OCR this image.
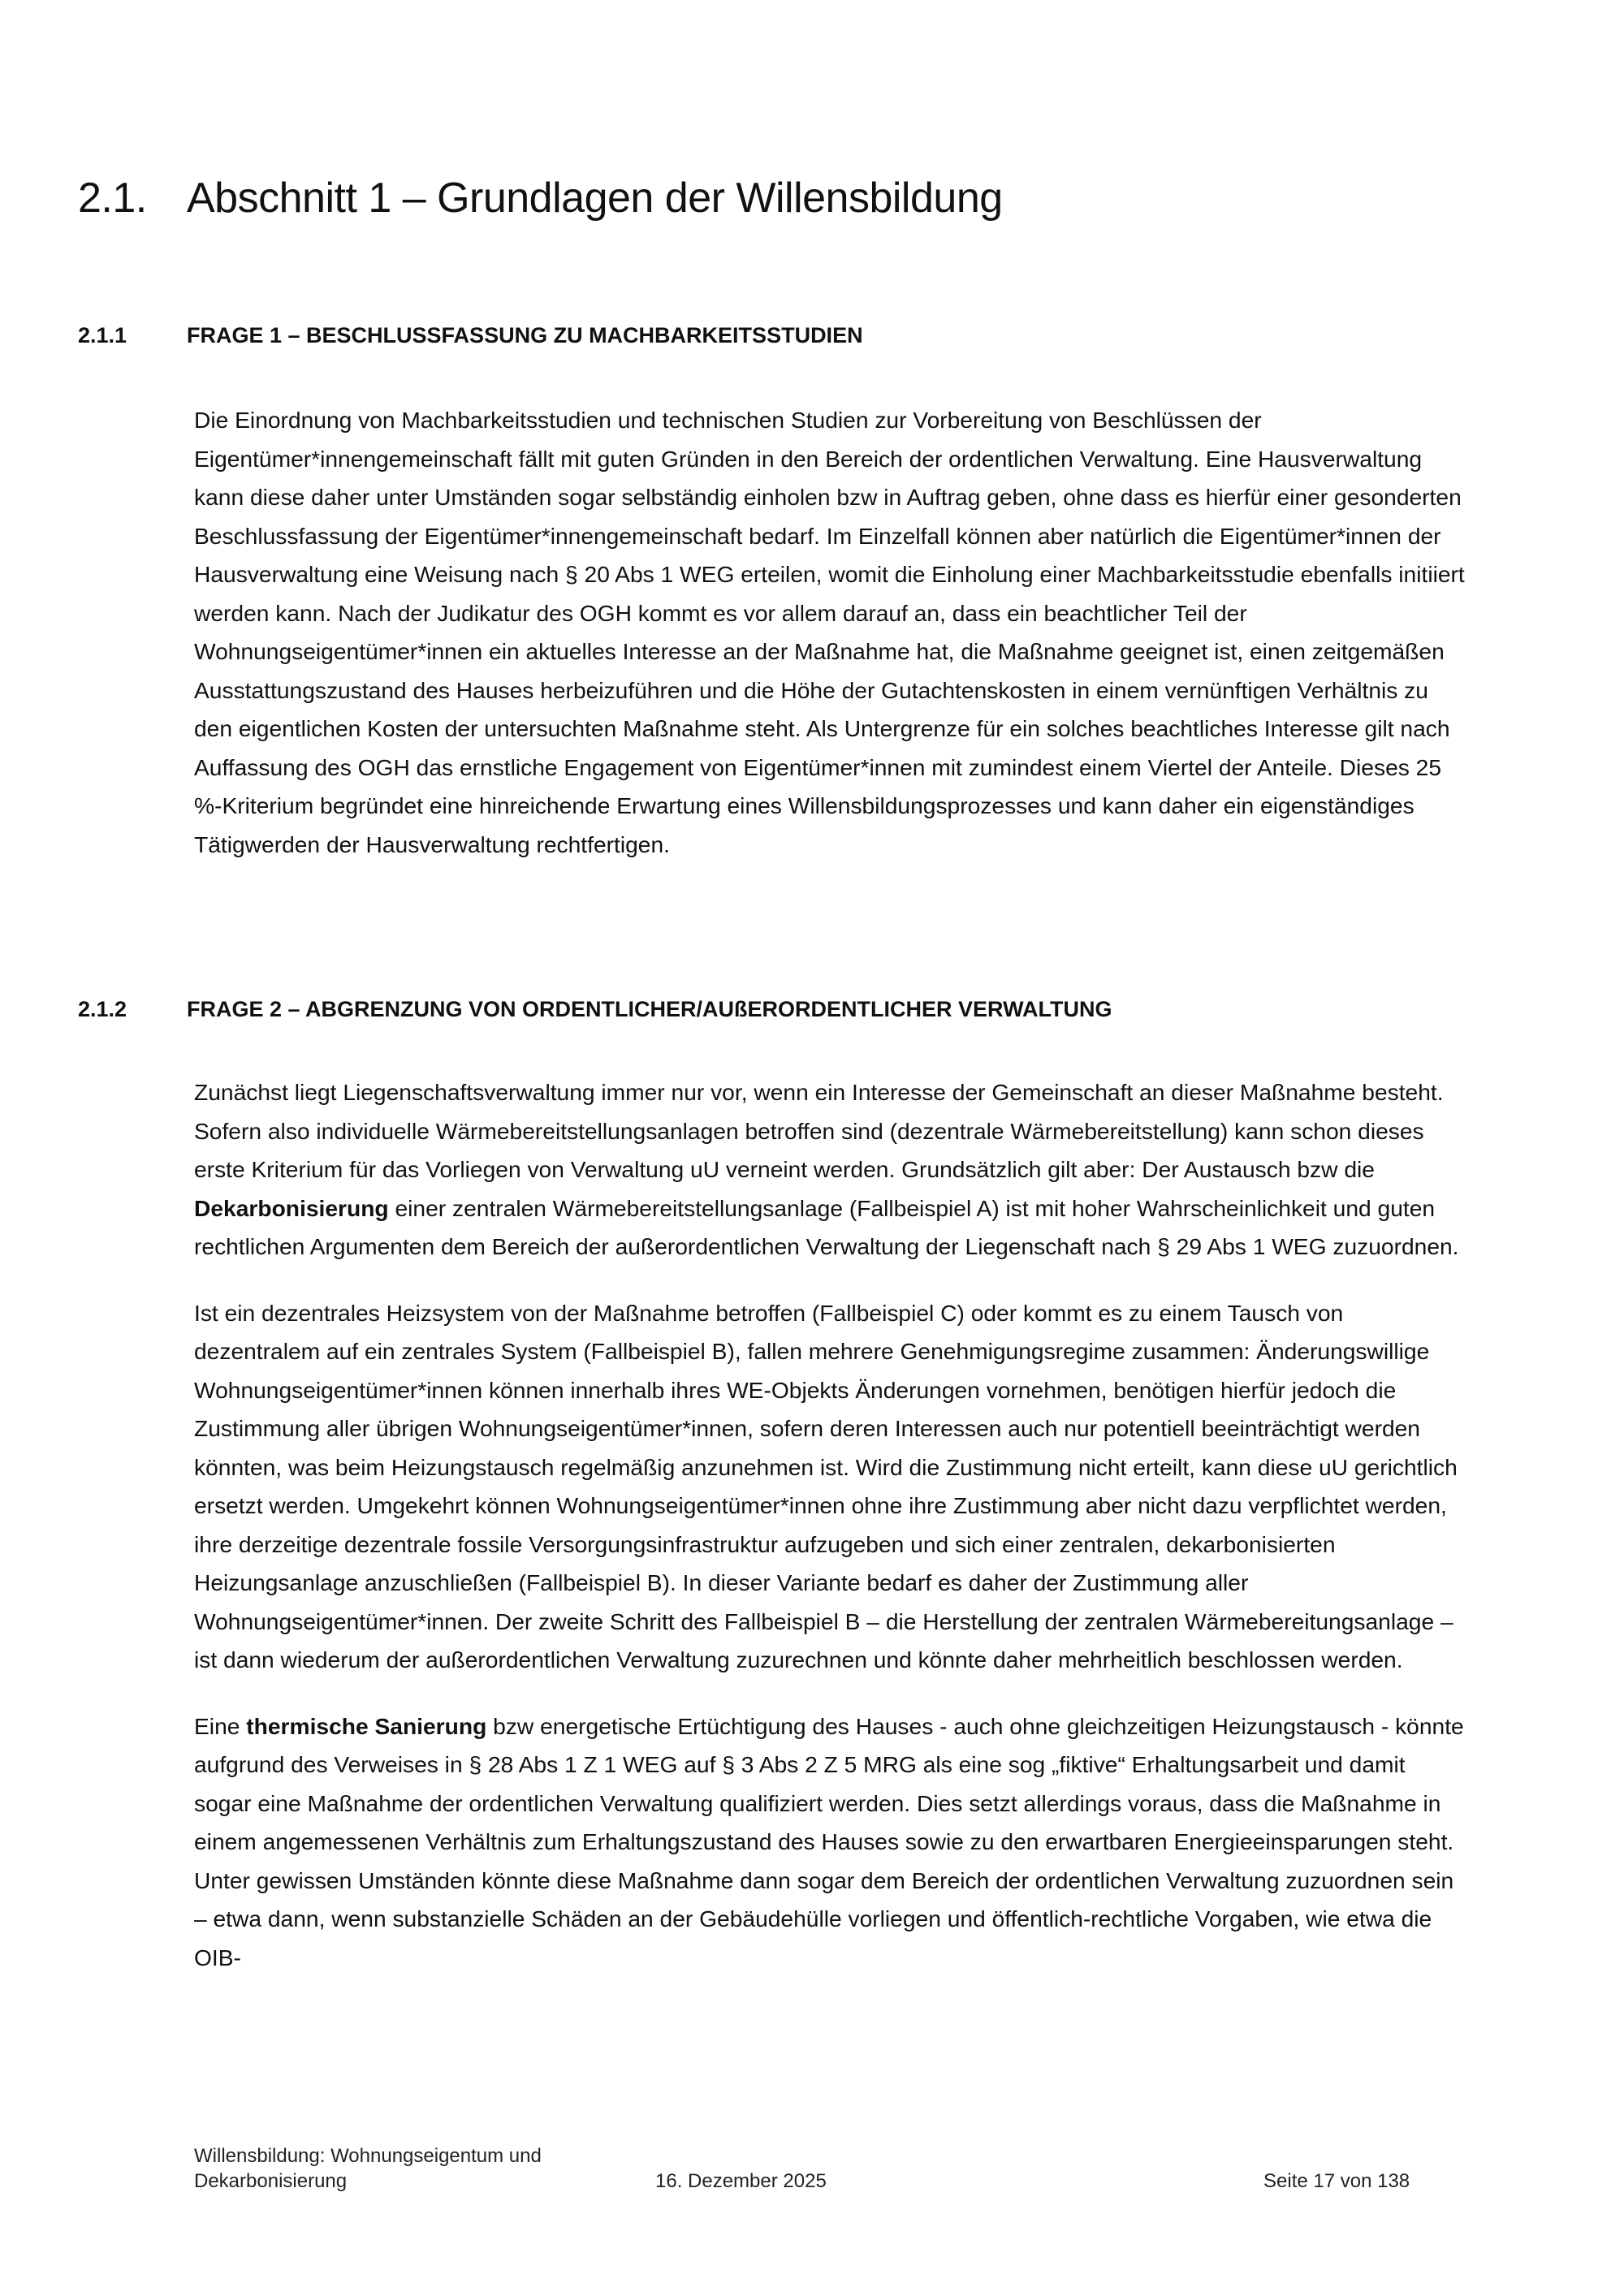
2.1. Abschnitt 1 – Grundlagen der Willensbildung
2.1.1	FRAGE 1 – BESCHLUSSFASSUNG ZU MACHBARKEITSSTUDIEN

Die Einordnung von Machbarkeitsstudien und technischen Studien zur Vorbereitung von Beschlüssen der Eigentümer*innengemeinschaft fällt mit guten Gründen in den Bereich der ordentlichen Verwaltung. Eine Hausverwaltung kann diese daher unter Umständen sogar selbständig einholen bzw in Auftrag geben, ohne dass es hierfür einer gesonderten Beschlussfassung der Eigentümer*innengemeinschaft bedarf. Im Einzelfall können aber natürlich die Eigentümer*innen der Hausverwaltung eine Weisung nach § 20 Abs 1 WEG erteilen, womit die Einholung einer Machbarkeitsstudie ebenfalls initiiert werden kann. Nach der Judikatur des OGH kommt es vor allem darauf an, dass ein beachtlicher Teil der Wohnungseigentümer*innen ein aktuelles Interesse an der Maßnahme hat, die Maßnahme geeignet ist, einen zeitgemäßen Ausstattungszustand des Hauses herbeizuführen und die Höhe der Gutachtenskosten in einem vernünftigen Verhältnis zu den eigentlichen Kosten der untersuchten Maßnahme steht. Als Untergrenze für ein solches beachtliches Interesse gilt nach Auffassung des OGH das ernstliche Engagement von Eigentümer*innen mit zumindest einem Viertel der Anteile. Dieses 25 %-Kriterium begründet eine hinreichende Erwartung eines Willensbildungsprozesses und kann daher ein eigenständiges Tätigwerden der Hausverwaltung rechtfertigen.

2.1.2	FRAGE 2 – ABGRENZUNG VON ORDENTLICHER/AUßERORDENTLICHER VERWALTUNG

Zunächst liegt Liegenschaftsverwaltung immer nur vor, wenn ein Interesse der Gemeinschaft an dieser Maßnahme besteht. Sofern also individuelle Wärmebereitstellungsanlagen betroffen sind (dezentrale Wärmebereitstellung) kann schon dieses erste Kriterium für das Vorliegen von Verwaltung uU verneint werden. Grundsätzlich gilt aber: Der Austausch bzw die Dekarbonisierung einer zentralen Wärmebereitstellungsanlage (Fallbeispiel A) ist mit hoher Wahrscheinlichkeit und guten rechtlichen Argumenten dem Bereich der außerordentlichen Verwaltung der Liegenschaft nach § 29 Abs 1 WEG zuzuordnen.

Ist ein dezentrales Heizsystem von der Maßnahme betroffen (Fallbeispiel C) oder kommt es zu einem Tausch von dezentralem auf ein zentrales System (Fallbeispiel B), fallen mehrere Genehmigungsregime zusammen: Änderungswillige Wohnungseigentümer*innen können innerhalb ihres WE-Objekts Änderungen vornehmen, benötigen hierfür jedoch die Zustimmung aller übrigen Wohnungseigentümer*innen, sofern deren Interessen auch nur potentiell beeinträchtigt werden könnten, was beim Heizungstausch regelmäßig anzunehmen ist. Wird die Zustimmung nicht erteilt, kann diese uU gerichtlich ersetzt werden. Umgekehrt können Wohnungseigentümer*innen ohne ihre Zustimmung aber nicht dazu verpflichtet werden, ihre derzeitige dezentrale fossile Versorgungsinfrastruktur aufzugeben und sich einer zentralen, dekarbonisierten Heizungsanlage anzuschließen (Fallbeispiel B). In dieser Variante bedarf es daher der Zustimmung aller Wohnungseigentümer*innen. Der zweite Schritt des Fallbeispiel B – die Herstellung der zentralen Wärmebereitungsanlage – ist dann wiederum der außerordentlichen Verwaltung zuzurechnen und könnte daher mehrheitlich beschlossen werden.

Eine thermische Sanierung bzw energetische Ertüchtigung des Hauses - auch ohne gleichzeitigen Heizungstausch - könnte aufgrund des Verweises in § 28 Abs 1 Z 1 WEG auf § 3 Abs 2 Z 5 MRG als eine sog „fiktive“ Erhaltungsarbeit und damit sogar eine Maßnahme der ordentlichen Verwaltung qualifiziert werden. Dies setzt allerdings voraus, dass die Maßnahme in einem angemessenen Verhältnis zum Erhaltungszustand des Hauses sowie zu den erwartbaren Energieeinsparungen steht. Unter gewissen Umständen könnte diese Maßnahme dann sogar dem Bereich der ordentlichen Verwaltung zuzuordnen sein – etwa dann, wenn substanzielle Schäden an der Gebäudehülle vorliegen und öffentlich-rechtliche Vorgaben, wie etwa die OIB-

Willensbildung: Wohnungseigentum und
Dekarbonisierung	16. Dezember 2025	Seite 17 von 138
